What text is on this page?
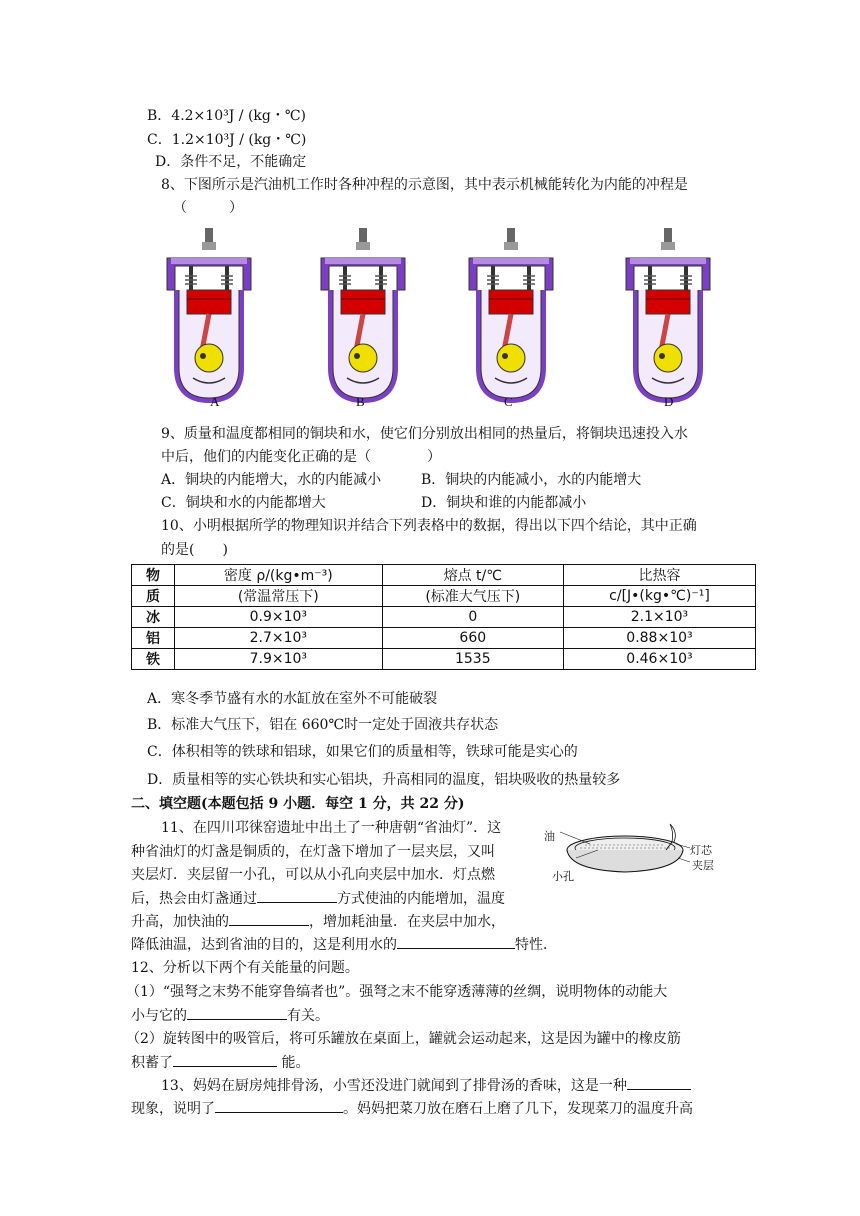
B．4.2×10³J / (kg・℃)
C．1.2×10³J / (kg・℃)
D．条件不足，不能确定
8、下图所示是汽油机工作时各种冲程的示意图，其中表示机械能转化为内能的冲程是
（　　　）
A	B	C	D
9、质量和温度都相同的铜块和水，使它们分别放出相同的热量后，将铜块迅速投入水
中后，他们的内能变化正确的是（　　　　）
A．铜块的内能增大，水的内能减小	B．铜块的内能减小，水的内能增大
C．铜块和水的内能都增大	D．铜块和谁的内能都减小
10、小明根据所学的物理知识并结合下列表格中的数据，得出以下四个结论，其中正确
的是(　　)
物	密度 ρ/(kg•m⁻³)	熔点 t/℃	比热容
质	(常温常压下)	(标准大气压下)	c/[J•(kg•℃)⁻¹]
冰	0.9×10³	0	2.1×10³
铝	2.7×10³	660	0.88×10³
铁	7.9×10³	1535	0.46×10³
A．寒冬季节盛有水的水缸放在室外不可能破裂
B．标准大气压下，铝在 660℃时一定处于固液共存状态
C．体积相等的铁球和铝球，如果它们的质量相等，铁球可能是实心的
D．质量相等的实心铁块和实心铝块，升高相同的温度，铝块吸收的热量较多
二、填空题(本题包括 9 小题．每空 1 分，共 22 分)
11、在四川邛徕窑遗址中出土了一种唐朝“省油灯”．这
种省油灯的灯盏是铜质的，在灯盏下增加了一层夹层，又叫
夹层灯．夹层留一小孔，可以从小孔向夹层中加水．灯点燃
后，热会由灯盏通过	方式使油的内能增加，温度
升高，加快油的	，增加耗油量．在夹层中加水，
降低油温，达到省油的目的，这是利用水的	特性．
油
灯芯
夹层
小孔
12、分析以下两个有关能量的问题。
（1）“强弩之末势不能穿鲁缟者也”。强弩之末不能穿透薄薄的丝绸，说明物体的动能大
小与它的	有关。
（2）旋转图中的吸管后，将可乐罐放在桌面上，罐就会运动起来，这是因为罐中的橡皮筋
积蓄了	能。
13、妈妈在厨房炖排骨汤，小雪还没进门就闻到了排骨汤的香味，这是一种
现象，说明了	。妈妈把菜刀放在磨石上磨了几下，发现菜刀的温度升高
